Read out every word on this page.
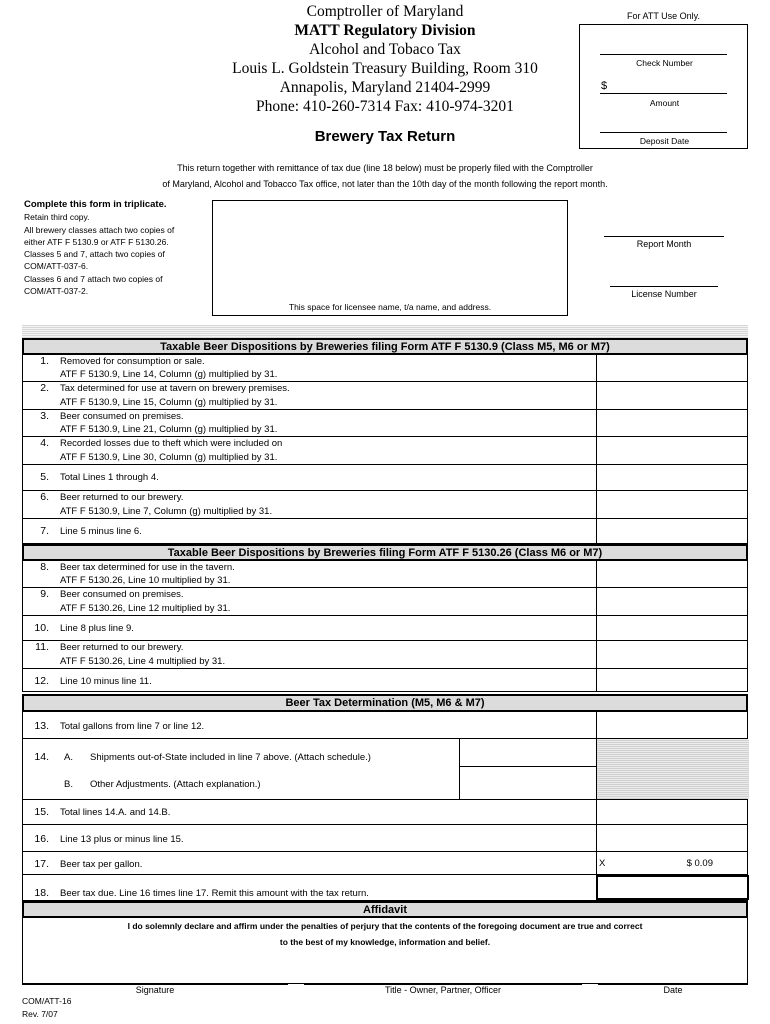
Comptroller of Maryland
MATT Regulatory Division
Alcohol and Tobaco Tax
Louis L. Goldstein Treasury Building, Room 310
Annapolis, Maryland 21404-2999
Phone: 410-260-7314 Fax: 410-974-3201
Brewery Tax Return
For ATT Use Only.
Check Number
$
Amount
Deposit Date
This return together with remittance of tax due (line 18 below) must be properly filed with the Comptroller
of Maryland, Alcohol and Tobacco Tax office, not later than the 10th day of the month following the report month.
Complete this form in triplicate.
Retain third copy.
All brewery classes attach two copies of
either ATF F 5130.9 or ATF F 5130.26.
Classes 5 and 7, attach two copies of
COM/ATT-037-6.
Classes 6 and 7 attach two copies of
COM/ATT-037-2.
This space for licensee name, t/a name, and address.
Report Month
License Number
Taxable Beer Dispositions by Breweries filing Form ATF F 5130.9 (Class M5, M6 or M7)
1. Removed for consumption or sale.
ATF F 5130.9, Line 14, Column (g) multiplied by 31.
2. Tax determined for use at tavern on brewery premises.
ATF F 5130.9, Line 15, Column (g) multiplied by 31.
3. Beer consumed on premises.
ATF F 5130.9, Line 21, Column (g) multiplied by 31.
4. Recorded losses due to theft which were included on
ATF F 5130.9, Line 30, Column (g) multiplied by 31.
5. Total Lines 1 through 4.
6. Beer returned to our brewery.
ATF F 5130.9, Line 7, Column (g) multiplied by 31.
7. Line 5 minus line 6.
Taxable Beer Dispositions by Breweries filing Form ATF F 5130.26 (Class M6 or M7)
8. Beer tax determined for use in the tavern.
ATF F 5130.26, Line 10 multiplied by 31.
9. Beer consumed on premises.
ATF F 5130.26, Line 12 multiplied by 31.
10. Line 8 plus line 9.
11. Beer returned to our brewery.
ATF F 5130.26, Line 4 multiplied by 31.
12. Line 10 minus line 11.
Beer Tax Determination (M5, M6 & M7)
13. Total gallons from line 7 or line 12.
14. A. Shipments out-of-State included in line 7 above. (Attach schedule.)
B. Other Adjustments. (Attach explanation.)
15. Total lines 14.A. and 14.B.
16. Line 13 plus or minus line 15.
17. Beer tax per gallon.	X	$ 0.09
18. Beer tax due. Line 16 times line 17. Remit this amount with the tax return.
Affidavit
I do solemnly declare and affirm under the penalties of perjury that the contents of the foregoing document are true and correct
to the best of my knowledge, information and belief.
Signature	Title - Owner, Partner, Officer	Date
COM/ATT-16
Rev. 7/07
